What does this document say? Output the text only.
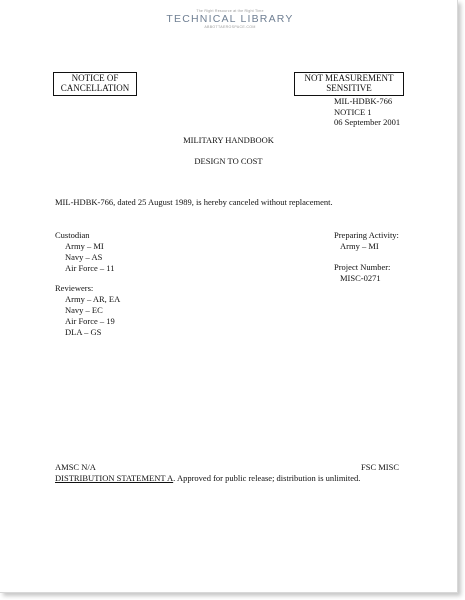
The Right Resource at the Right Time
TECHNICAL LIBRARY
ABBOTTAEROSPACE.COM
NOTICE OF
CANCELLATION
NOT MEASUREMENT
SENSITIVE
MIL-HDBK-766
NOTICE 1
06 September 2001
MILITARY HANDBOOK
DESIGN TO COST
MIL-HDBK-766, dated 25 August 1989, is hereby canceled without replacement.
Custodian
Army – MI
Navy – AS
Air Force – 11
Reviewers:
Army – AR, EA
Navy – EC
Air Force – 19
DLA – GS
Preparing Activity:
Army – MI
Project Number:
MISC-0271
AMSC N/A	FSC MISC
DISTRIBUTION STATEMENT A. Approved for public release; distribution is unlimited.
